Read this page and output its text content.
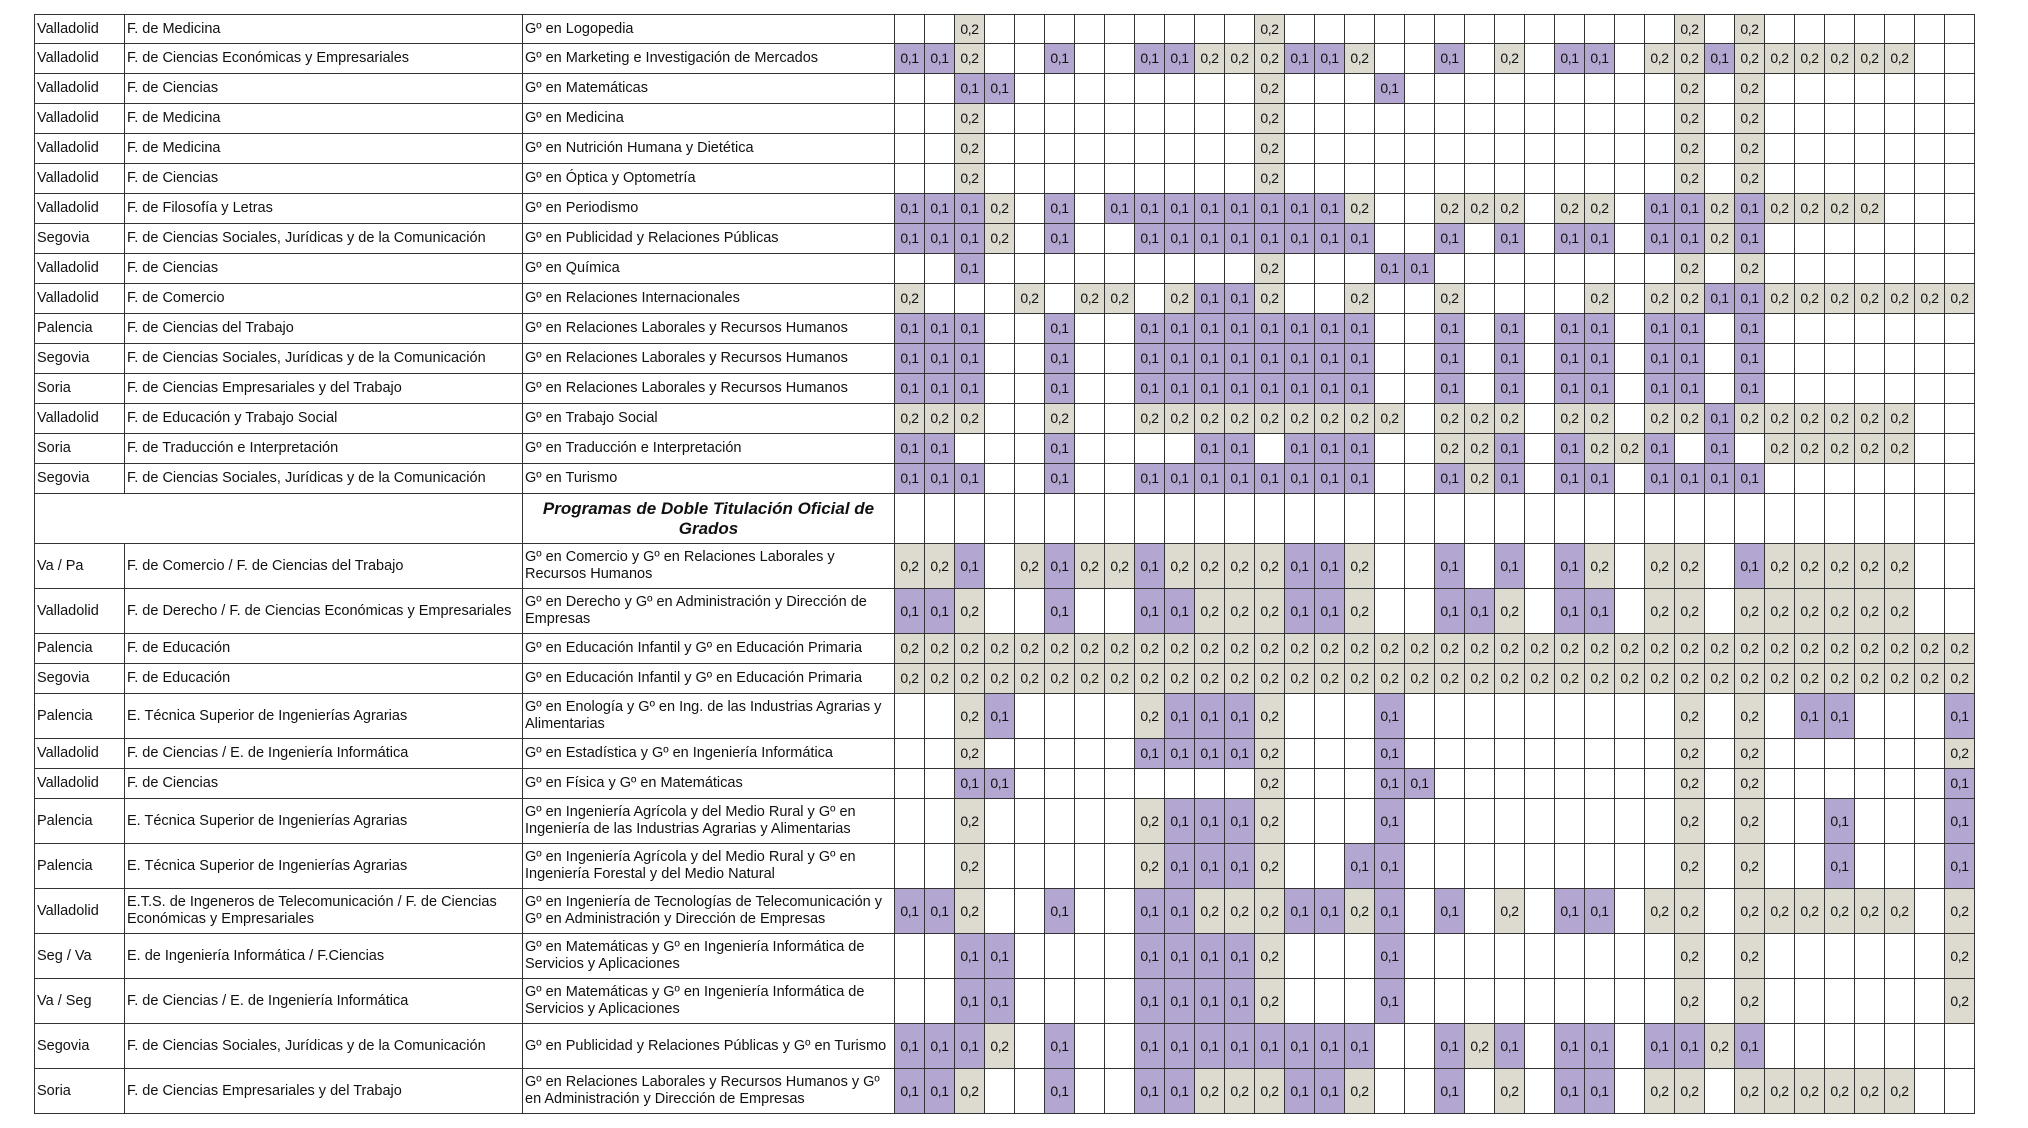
Valladolid	F. de Medicina	Gº en Logopedia			0,2										0,2														0,2		0,2							
Valladolid	F. de Ciencias Económicas y Empresariales	Gº en Marketing e Investigación de Mercados	0,1	0,1	0,2			0,1			0,1	0,1	0,2	0,2	0,2	0,1	0,1	0,2			0,1		0,2		0,1	0,1		0,2	0,2	0,1	0,2	0,2	0,2	0,2	0,2	0,2		
Valladolid	F. de Ciencias	Gº en Matemáticas			0,1	0,1									0,2				0,1										0,2		0,2							
Valladolid	F. de Medicina	Gº en Medicina			0,2										0,2														0,2		0,2							
Valladolid	F. de Medicina	Gº en Nutrición Humana y Dietética			0,2										0,2														0,2		0,2							
Valladolid	F. de Ciencias	Gº en Óptica y Optometría			0,2										0,2														0,2		0,2							
Valladolid	F. de Filosofía y Letras	Gº en Periodismo	0,1	0,1	0,1	0,2		0,1		0,1	0,1	0,1	0,1	0,1	0,1	0,1	0,1	0,2			0,2	0,2	0,2		0,2	0,2		0,1	0,1	0,2	0,1	0,2	0,2	0,2	0,2			
Segovia	F. de Ciencias Sociales, Jurídicas y de la Comunicación	Gº en Publicidad y Relaciones Públicas	0,1	0,1	0,1	0,2		0,1			0,1	0,1	0,1	0,1	0,1	0,1	0,1	0,1			0,1		0,1		0,1	0,1		0,1	0,1	0,2	0,1							
Valladolid	F. de Ciencias	Gº en Química			0,1										0,2				0,1	0,1									0,2		0,2							
Valladolid	F. de Comercio	Gº en Relaciones Internacionales	0,2				0,2		0,2	0,2		0,2	0,1	0,1	0,2			0,2			0,2					0,2		0,2	0,2	0,1	0,1	0,2	0,2	0,2	0,2	0,2	0,2	0,2
Palencia	F. de Ciencias del Trabajo	Gº en Relaciones Laborales y Recursos Humanos	0,1	0,1	0,1			0,1			0,1	0,1	0,1	0,1	0,1	0,1	0,1	0,1			0,1		0,1		0,1	0,1		0,1	0,1		0,1							
Segovia	F. de Ciencias Sociales, Jurídicas y de la Comunicación	Gº en Relaciones Laborales y Recursos Humanos	0,1	0,1	0,1			0,1			0,1	0,1	0,1	0,1	0,1	0,1	0,1	0,1			0,1		0,1		0,1	0,1		0,1	0,1		0,1							
Soria	F. de Ciencias Empresariales y del Trabajo	Gº en Relaciones Laborales y Recursos Humanos	0,1	0,1	0,1			0,1			0,1	0,1	0,1	0,1	0,1	0,1	0,1	0,1			0,1		0,1		0,1	0,1		0,1	0,1		0,1							
Valladolid	F. de Educación y Trabajo Social	Gº en Trabajo Social	0,2	0,2	0,2			0,2			0,2	0,2	0,2	0,2	0,2	0,2	0,2	0,2	0,2		0,2	0,2	0,2		0,2	0,2		0,2	0,2	0,1	0,2	0,2	0,2	0,2	0,2	0,2		
Soria	F. de Traducción e Interpretación	Gº en Traducción e Interpretación	0,1	0,1				0,1					0,1	0,1		0,1	0,1	0,1			0,2	0,2	0,1		0,1	0,2	0,2	0,1		0,1		0,2	0,2	0,2	0,2	0,2		
Segovia	F. de Ciencias Sociales, Jurídicas y de la Comunicación	Gº en Turismo	0,1	0,1	0,1			0,1			0,1	0,1	0,1	0,1	0,1	0,1	0,1	0,1			0,1	0,2	0,1		0,1	0,1		0,1	0,1	0,1	0,1							
		Programas de Doble Titulación Oficial de Grados																																				
Va / Pa	F. de Comercio / F. de Ciencias del Trabajo	Gº en Comercio y Gº en Relaciones Laborales y Recursos Humanos	0,2	0,2	0,1		0,2	0,1	0,2	0,2	0,1	0,2	0,2	0,2	0,2	0,1	0,1	0,2			0,1		0,1		0,1	0,2		0,2	0,2		0,1	0,2	0,2	0,2	0,2	0,2		
Valladolid	F. de Derecho / F. de Ciencias Económicas y Empresariales	Gº en Derecho y Gº en Administración y Dirección de Empresas	0,1	0,1	0,2			0,1			0,1	0,1	0,2	0,2	0,2	0,1	0,1	0,2			0,1	0,1	0,2		0,1	0,1		0,2	0,2		0,2	0,2	0,2	0,2	0,2	0,2		
Palencia	F. de Educación	Gº en Educación Infantil y Gº en Educación Primaria	0,2	0,2	0,2	0,2	0,2	0,2	0,2	0,2	0,2	0,2	0,2	0,2	0,2	0,2	0,2	0,2	0,2	0,2	0,2	0,2	0,2	0,2	0,2	0,2	0,2	0,2	0,2	0,2	0,2	0,2	0,2	0,2	0,2	0,2	0,2	0,2
Segovia	F. de Educación	Gº en Educación Infantil y Gº en Educación Primaria	0,2	0,2	0,2	0,2	0,2	0,2	0,2	0,2	0,2	0,2	0,2	0,2	0,2	0,2	0,2	0,2	0,2	0,2	0,2	0,2	0,2	0,2	0,2	0,2	0,2	0,2	0,2	0,2	0,2	0,2	0,2	0,2	0,2	0,2	0,2	0,2
Palencia	E. Técnica Superior de Ingenierías Agrarias	Gº en Enología y Gº en Ing. de las Industrias Agrarias y Alimentarias			0,2	0,1					0,2	0,1	0,1	0,1	0,2				0,1										0,2		0,2		0,1	0,1				0,1
Valladolid	F. de Ciencias / E. de Ingeniería Informática	Gº en Estadística y Gº en Ingeniería Informática			0,2						0,1	0,1	0,1	0,1	0,2				0,1										0,2		0,2							0,2
Valladolid	F. de Ciencias	Gº en Física y Gº en Matemáticas			0,1	0,1									0,2				0,1	0,1									0,2		0,2							0,1
Palencia	E. Técnica Superior de Ingenierías Agrarias	Gº en Ingeniería Agrícola y del Medio Rural y Gº en Ingeniería de las Industrias Agrarias y Alimentarias			0,2						0,2	0,1	0,1	0,1	0,2				0,1										0,2		0,2			0,1				0,1
Palencia	E. Técnica Superior de Ingenierías Agrarias	Gº en Ingeniería Agrícola y del Medio Rural y Gº en Ingeniería Forestal y del Medio Natural			0,2						0,2	0,1	0,1	0,1	0,2			0,1	0,1										0,2		0,2			0,1				0,1
Valladolid	E.T.S. de Ingeneros de Telecomunicación / F. de Ciencias Económicas y Empresariales	Gº en Ingeniería de Tecnologías de Telecomunicación y Gº en Administración y Dirección de Empresas	0,1	0,1	0,2			0,1			0,1	0,1	0,2	0,2	0,2	0,1	0,1	0,2	0,1		0,1		0,2		0,1	0,1		0,2	0,2		0,2	0,2	0,2	0,2	0,2	0,2		0,2
Seg / Va	E. de Ingeniería Informática / F.Ciencias	Gº en Matemáticas y Gº en Ingeniería Informática de Servicios y Aplicaciones			0,1	0,1					0,1	0,1	0,1	0,1	0,2				0,1										0,2		0,2							0,2
Va / Seg	F. de Ciencias / E. de Ingeniería Informática	Gº en Matemáticas y Gº en Ingeniería Informática de Servicios y Aplicaciones			0,1	0,1					0,1	0,1	0,1	0,1	0,2				0,1										0,2		0,2							0,2
Segovia	F. de Ciencias Sociales, Jurídicas y de la Comunicación	Gº en Publicidad y Relaciones Públicas y Gº en Turismo	0,1	0,1	0,1	0,2		0,1			0,1	0,1	0,1	0,1	0,1	0,1	0,1	0,1			0,1	0,2	0,1		0,1	0,1		0,1	0,1	0,2	0,1							
Soria	F. de Ciencias Empresariales y del Trabajo	Gº en Relaciones Laborales y Recursos Humanos y Gº en Administración y Dirección de Empresas	0,1	0,1	0,2			0,1			0,1	0,1	0,2	0,2	0,2	0,1	0,1	0,2			0,1		0,2		0,1	0,1		0,2	0,2		0,2	0,2	0,2	0,2	0,2	0,2		
